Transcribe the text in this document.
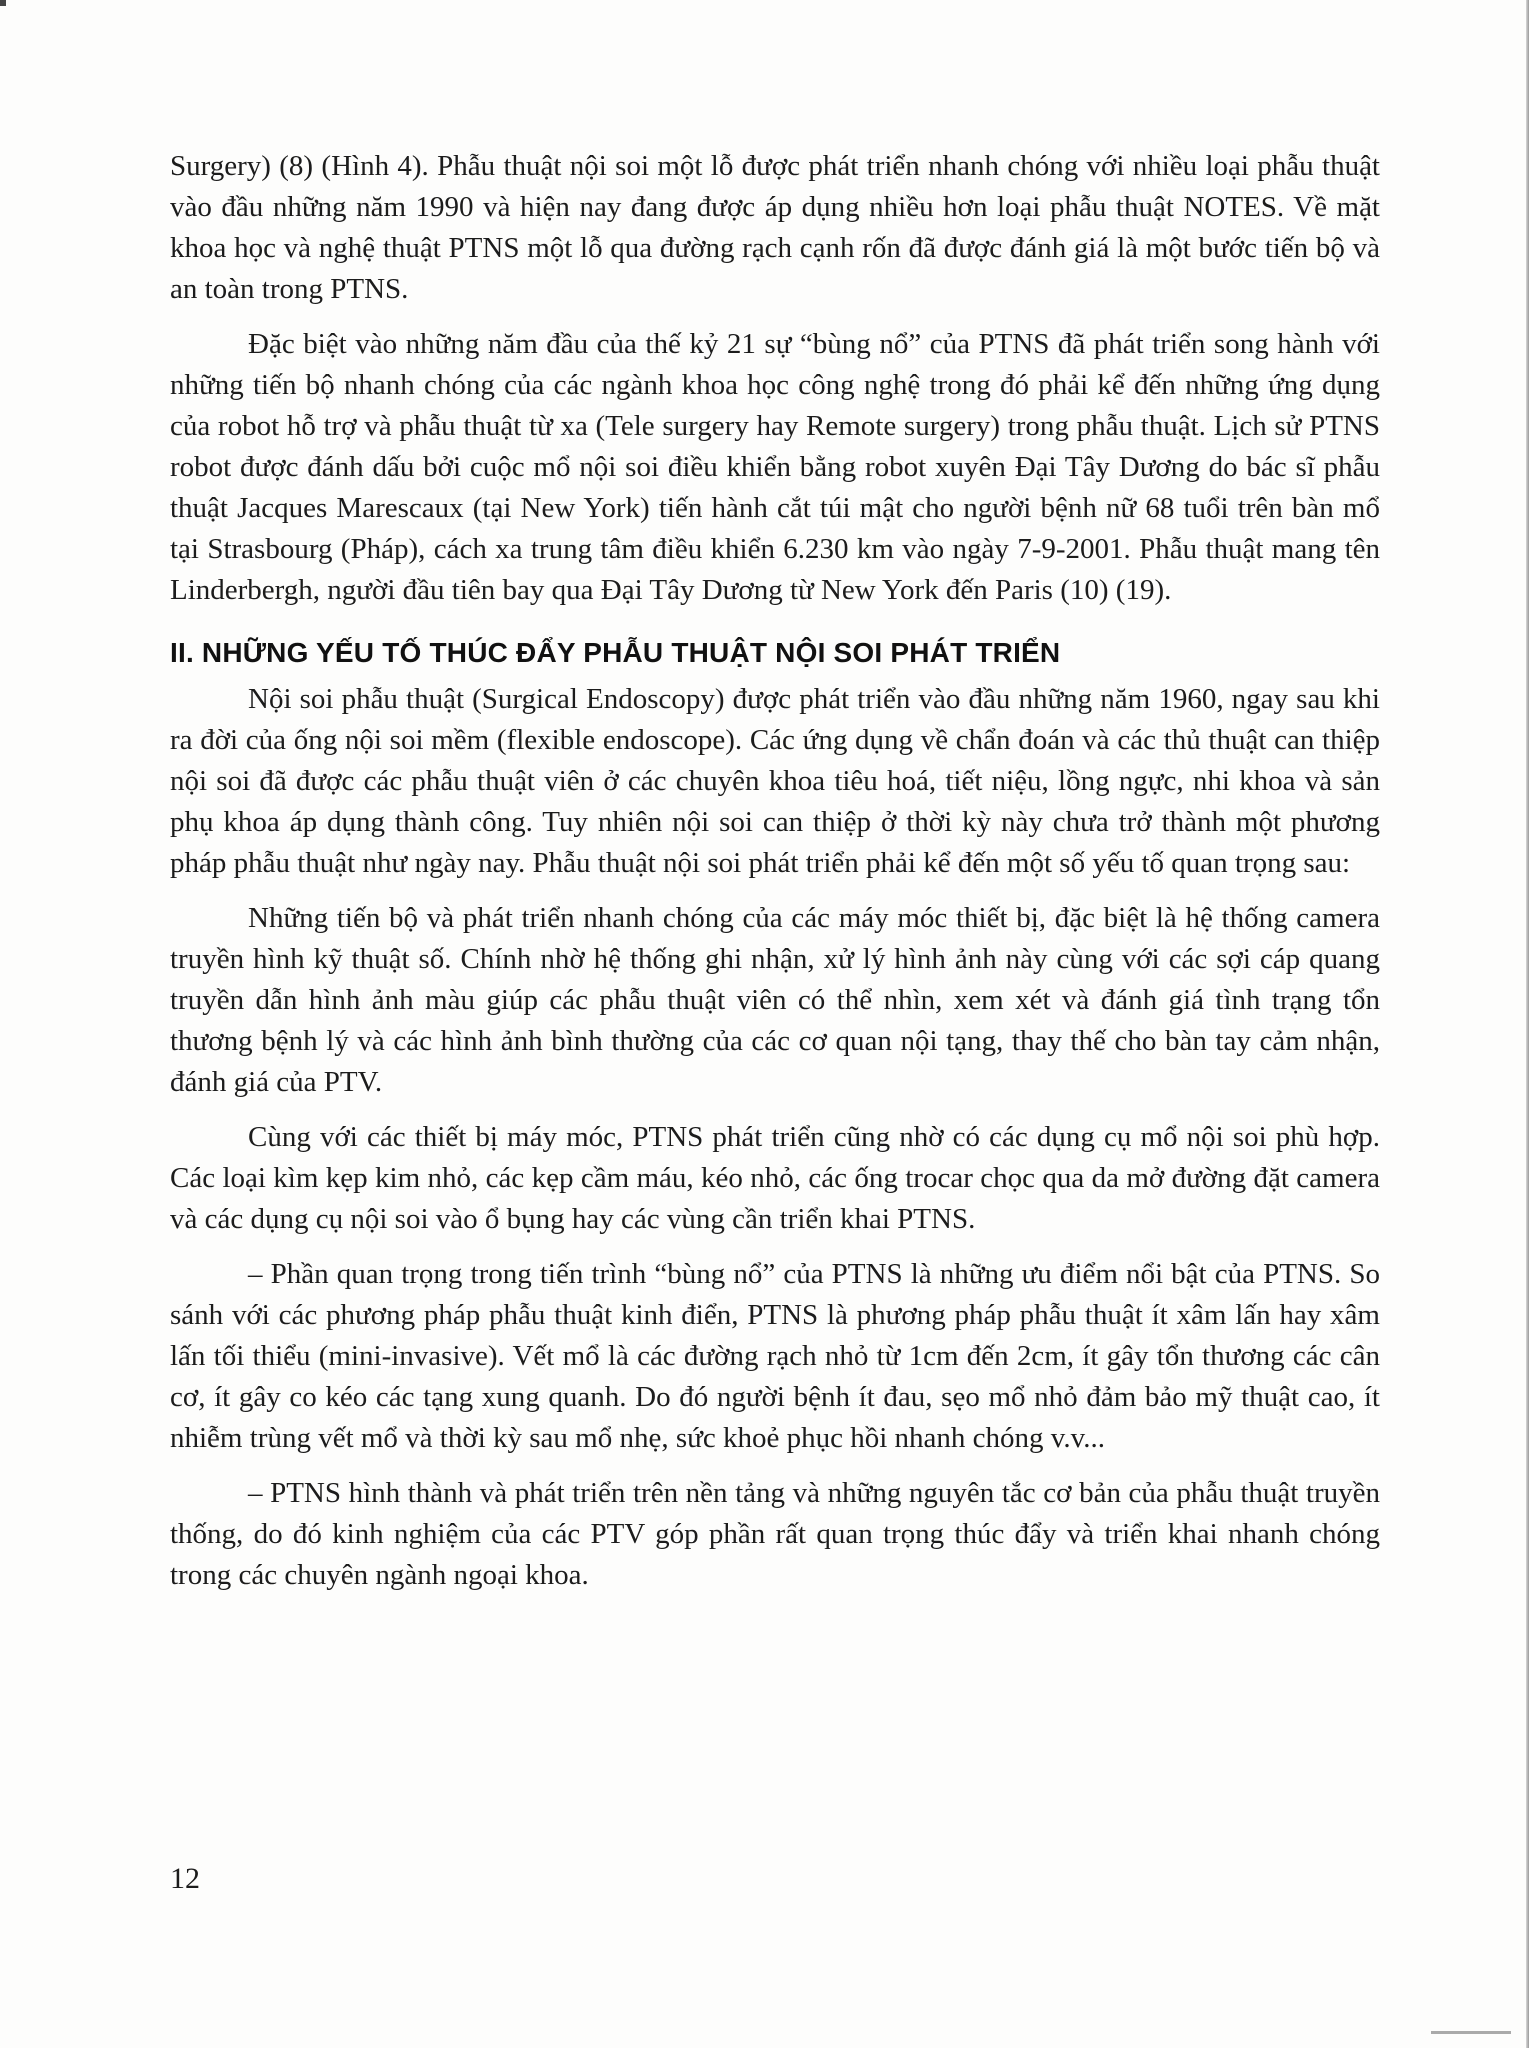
Surgery) (8) (Hình 4). Phẫu thuật nội soi một lỗ được phát triển nhanh chóng với nhiều loại phẫu thuật vào đầu những năm 1990 và hiện nay đang được áp dụng nhiều hơn loại phẫu thuật NOTES. Về mặt khoa học và nghệ thuật PTNS một lỗ qua đường rạch cạnh rốn đã được đánh giá là một bước tiến bộ và an toàn trong PTNS.

Đặc biệt vào những năm đầu của thế kỷ 21 sự “bùng nổ” của PTNS đã phát triển song hành với những tiến bộ nhanh chóng của các ngành khoa học công nghệ trong đó phải kể đến những ứng dụng của robot hỗ trợ và phẫu thuật từ xa (Tele surgery hay Remote surgery) trong phẫu thuật. Lịch sử PTNS robot được đánh dấu bởi cuộc mổ nội soi điều khiển bằng robot xuyên Đại Tây Dương do bác sĩ phẫu thuật Jacques Marescaux (tại New York) tiến hành cắt túi mật cho người bệnh nữ 68 tuổi trên bàn mổ tại Strasbourg (Pháp), cách xa trung tâm điều khiển 6.230 km vào ngày 7-9-2001. Phẫu thuật mang tên Linderbergh, người đầu tiên bay qua Đại Tây Dương từ New York đến Paris (10) (19).

II. NHỮNG YẾU TỐ THÚC ĐẨY PHẪU THUẬT NỘI SOI PHÁT TRIỂN

Nội soi phẫu thuật (Surgical Endoscopy) được phát triển vào đầu những năm 1960, ngay sau khi ra đời của ống nội soi mềm (flexible endoscope). Các ứng dụng về chẩn đoán và các thủ thuật can thiệp nội soi đã được các phẫu thuật viên ở các chuyên khoa tiêu hoá, tiết niệu, lồng ngực, nhi khoa và sản phụ khoa áp dụng thành công. Tuy nhiên nội soi can thiệp ở thời kỳ này chưa trở thành một phương pháp phẫu thuật như ngày nay. Phẫu thuật nội soi phát triển phải kể đến một số yếu tố quan trọng sau:

Những tiến bộ và phát triển nhanh chóng của các máy móc thiết bị, đặc biệt là hệ thống camera truyền hình kỹ thuật số. Chính nhờ hệ thống ghi nhận, xử lý hình ảnh này cùng với các sợi cáp quang truyền dẫn hình ảnh màu giúp các phẫu thuật viên có thể nhìn, xem xét và đánh giá tình trạng tổn thương bệnh lý và các hình ảnh bình thường của các cơ quan nội tạng, thay thế cho bàn tay cảm nhận, đánh giá của PTV.

Cùng với các thiết bị máy móc, PTNS phát triển cũng nhờ có các dụng cụ mổ nội soi phù hợp. Các loại kìm kẹp kim nhỏ, các kẹp cầm máu, kéo nhỏ, các ống trocar chọc qua da mở đường đặt camera và các dụng cụ nội soi vào ổ bụng hay các vùng cần triển khai PTNS.

– Phần quan trọng trong tiến trình “bùng nổ” của PTNS là những ưu điểm nổi bật của PTNS. So sánh với các phương pháp phẫu thuật kinh điển, PTNS là phương pháp phẫu thuật ít xâm lấn hay xâm lấn tối thiểu (mini-invasive). Vết mổ là các đường rạch nhỏ từ 1cm đến 2cm, ít gây tổn thương các cân cơ, ít gây co kéo các tạng xung quanh. Do đó người bệnh ít đau, sẹo mổ nhỏ đảm bảo mỹ thuật cao, ít nhiễm trùng vết mổ và thời kỳ sau mổ nhẹ, sức khoẻ phục hồi nhanh chóng v.v...

– PTNS hình thành và phát triển trên nền tảng và những nguyên tắc cơ bản của phẫu thuật truyền thống, do đó kinh nghiệm của các PTV góp phần rất quan trọng thúc đẩy và triển khai nhanh chóng trong các chuyên ngành ngoại khoa.

12
